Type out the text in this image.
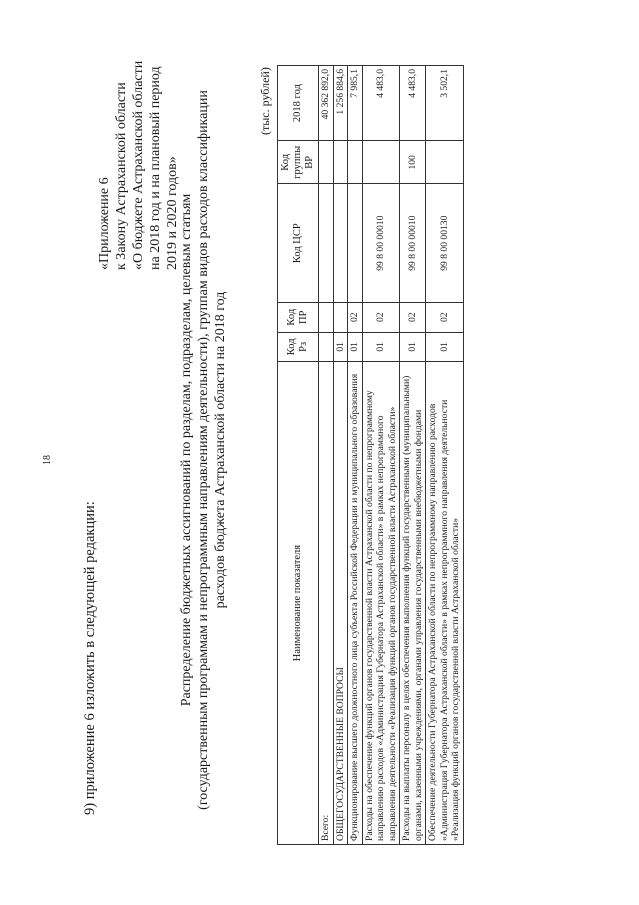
18
9) приложение 6 изложить в следующей редакции:
«Приложение 6 к Закону Астраханской области «О бюджете Астраханской области на 2018 год и на плановый период 2019 и 2020 годов» Распределение бюджетных ассигнований по разделам, подразделам, целевым статьям (государственным программам и непрограммным направлениям деятельности), группам видов расходов классификации расходов бюджета Астраханской области на 2018 год
(тыс. рублей)
Наименование показателя	Код Рз	Код ПР	Код ЦСР	Код группы ВР	2018 год
Всего:					40 362 892,0
ОБЩЕГОСУДАРСТВЕННЫЕ ВОПРОСЫ	01				1 256 884,6
Функционирование высшего должностного лица субъекта Российской Федерации и муниципального образования	01	02			7 985,1
Расходы на обеспечение функций органов государственной власти Астраханской области по непрограммному направлению расходов «Администрация Губернатора Астраханской области» в рамках непрограммного направления деятельности «Реализация функций органов государственной власти Астраханской области»	01	02	99 8 00 00010		4 483,0
Расходы на выплаты персоналу в целях обеспечения выполнения функций государственными (муниципальными) органами, казенными учреждениями, органами управления государственными внебюджетными фондами	01	02	99 8 00 00010	100	4 483,0
Обеспечение деятельности Губернатора Астраханской области по непрограммному направлению расходов «Администрация Губернатора Астраханской области» в рамках непрограммного направления деятельности «Реализация функций органов государственной власти Астраханской области»	01	02	99 8 00 00130		3 502,1
